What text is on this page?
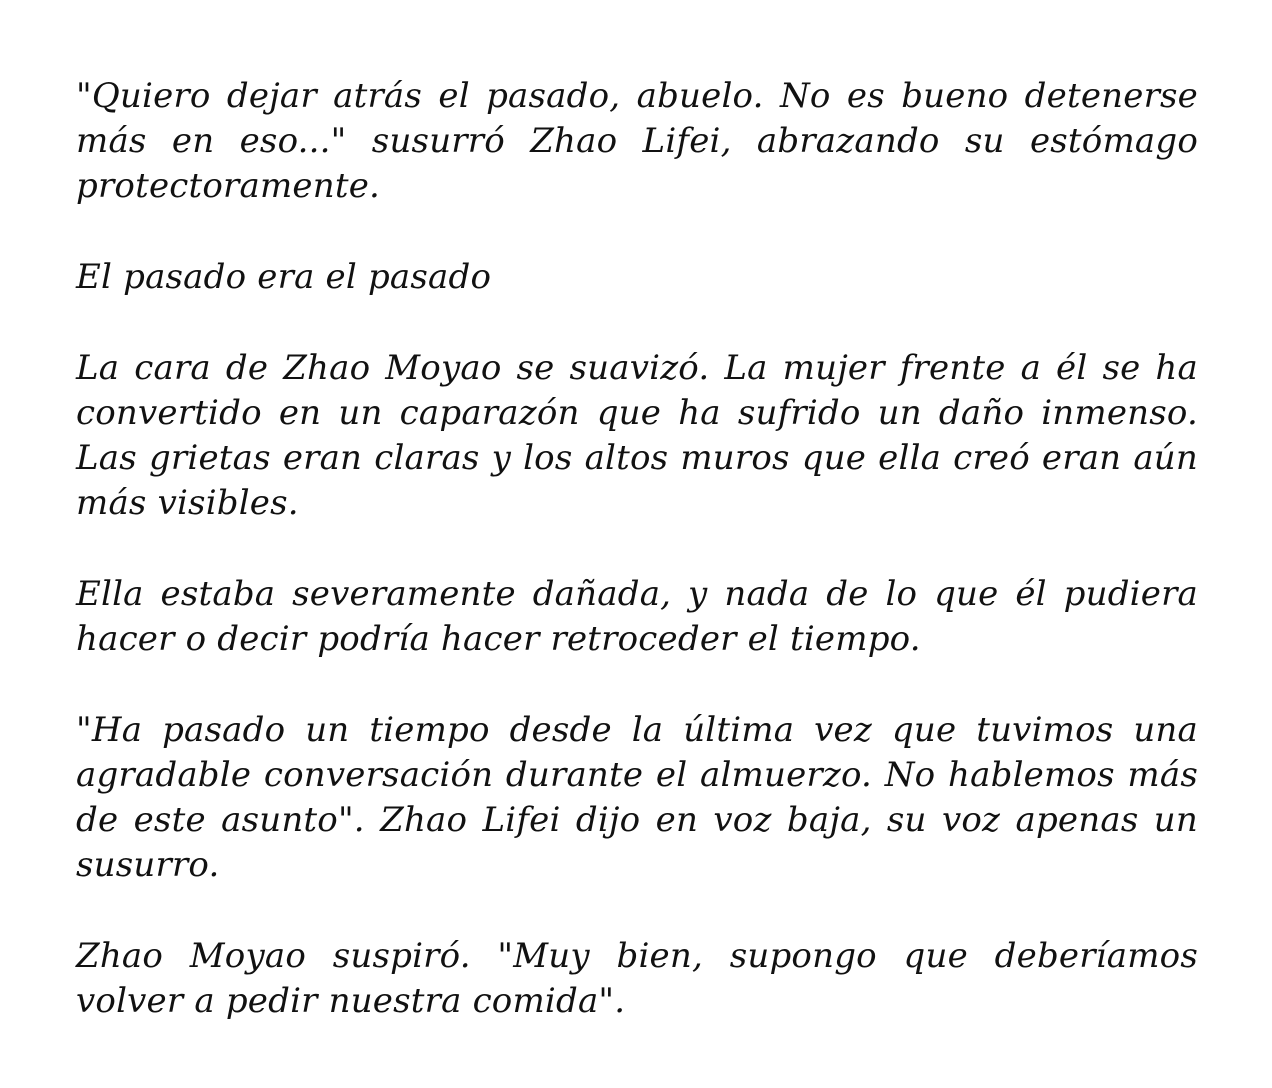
"Quiero dejar atrás el pasado, abuelo. No es bueno detenerse más en eso..." susurró Zhao Lifei, abrazando su estómago protectoramente.

El pasado era el pasado

La cara de Zhao Moyao se suavizó. La mujer frente a él se ha convertido en un caparazón que ha sufrido un daño inmenso. Las grietas eran claras y los altos muros que ella creó eran aún más visibles.

Ella estaba severamente dañada, y nada de lo que él pudiera hacer o decir podría hacer retroceder el tiempo.

"Ha pasado un tiempo desde la última vez que tuvimos una agradable conversación durante el almuerzo. No hablemos más de este asunto". Zhao Lifei dijo en voz baja, su voz apenas un susurro.

Zhao Moyao suspiró. "Muy bien, supongo que deberíamos volver a pedir nuestra comida".
